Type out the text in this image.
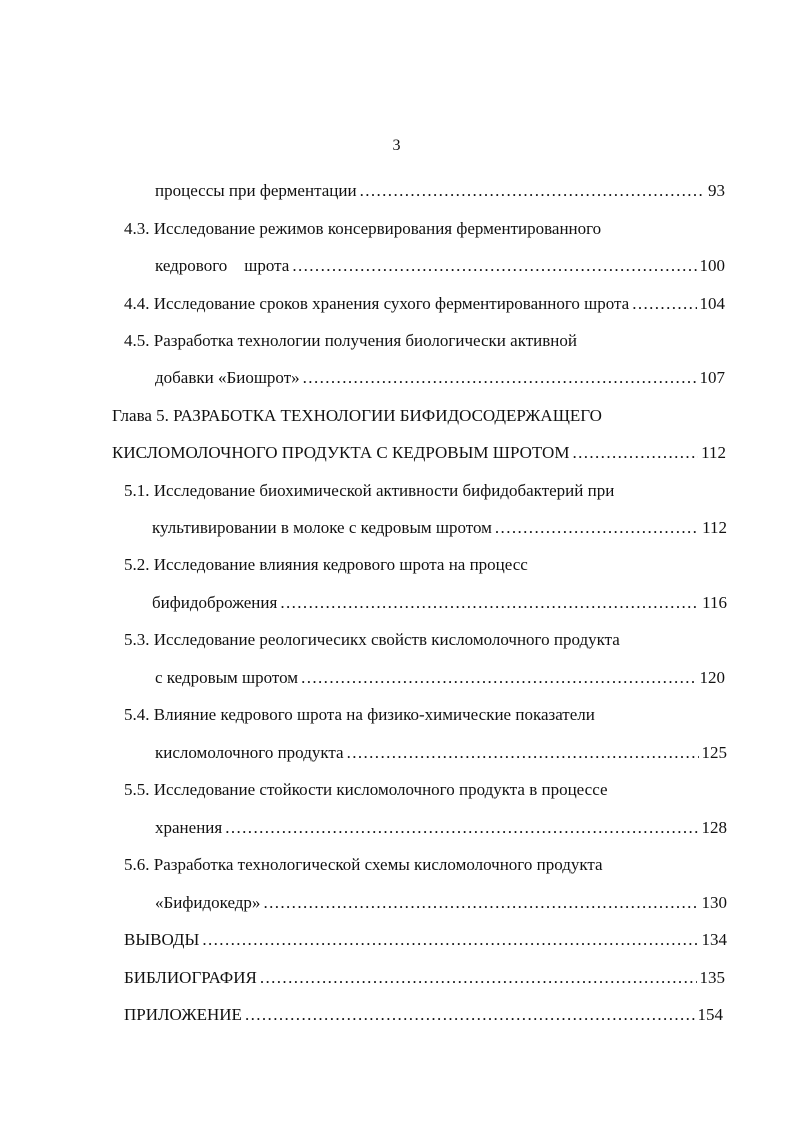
3
процессы при ферментации .....	93
4.3. Исследование режимов консервирования ферментированного
кедрового    шрота .....	100
4.4. Исследование сроков хранения сухого ферментированного шрота .....	104
4.5. Разработка технологии получения биологически активной
добавки «Биошрот» .....	107
Глава 5. РАЗРАБОТКА ТЕХНОЛОГИИ БИФИДОСОДЕРЖАЩЕГО
КИСЛОМОЛОЧНОГО ПРОДУКТА С КЕДРОВЫМ ШРОТОМ .....	112
5.1. Исследование биохимической активности бифидобактерий при
культивировании в молоке с кедровым шротом .....	112
5.2. Исследование влияния кедрового шрота на процесс
бифидоброжения .....	116
5.3. Исследование реологичесикх свойств кисломолочного продукта
с кедровым шротом .....	120
5.4. Влияние кедрового шрота на физико-химические показатели
кисломолочного продукта .....	125
5.5. Исследование стойкости кисломолочного продукта в процессе
хранения .....	128
5.6. Разработка технологической схемы кисломолочного продукта
«Бифидокедр» .....	130
ВЫВОДЫ .....	134
БИБЛИОГРАФИЯ .....	135
ПРИЛОЖЕНИЕ .....	154
